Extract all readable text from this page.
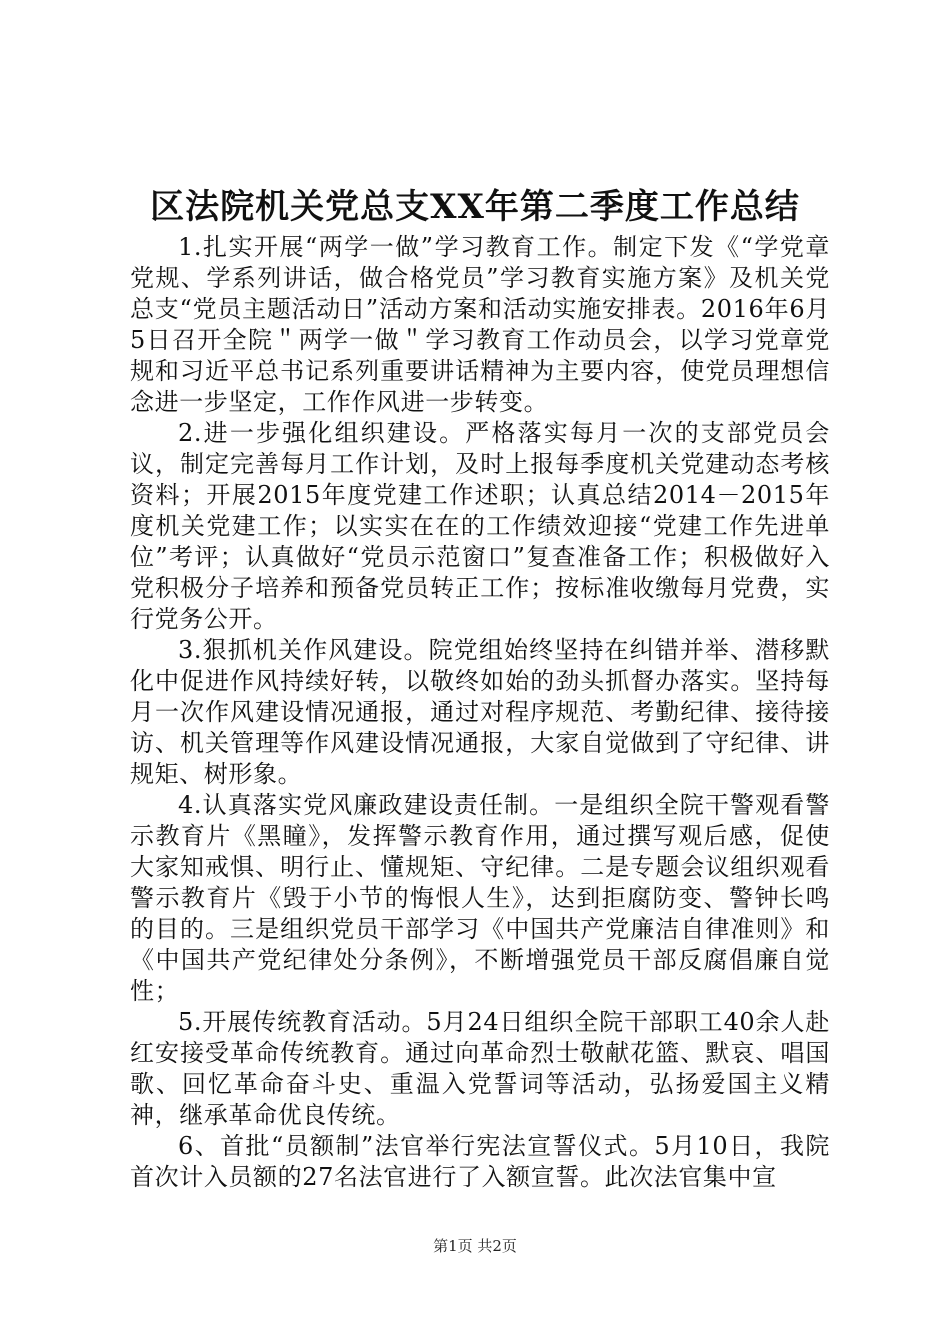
区法院机关党总支XX年第二季度工作总结

1.扎实开展“两学一做”学习教育工作。制定下发《“学党章党规、学系列讲话，做合格党员”学习教育实施方案》及机关党总支“党员主题活动日”活动方案和活动实施安排表。2016年6月5日召开全院＂两学一做＂学习教育工作动员会，以学习党章党规和习近平总书记系列重要讲话精神为主要内容，使党员理想信念进一步坚定，工作作风进一步转变。

2.进一步强化组织建设。严格落实每月一次的支部党员会议，制定完善每月工作计划，及时上报每季度机关党建动态考核资料；开展2015年度党建工作述职；认真总结2014－2015年度机关党建工作；以实实在在的工作绩效迎接“党建工作先进单位”考评；认真做好“党员示范窗口”复查准备工作；积极做好入党积极分子培养和预备党员转正工作；按标准收缴每月党费，实行党务公开。

3.狠抓机关作风建设。院党组始终坚持在纠错并举、潜移默化中促进作风持续好转，以敬终如始的劲头抓督办落实。坚持每月一次作风建设情况通报，通过对程序规范、考勤纪律、接待接访、机关管理等作风建设情况通报，大家自觉做到了守纪律、讲规矩、树形象。

4.认真落实党风廉政建设责任制。一是组织全院干警观看警示教育片《黑瞳》，发挥警示教育作用，通过撰写观后感，促使大家知戒惧、明行止、懂规矩、守纪律。二是专题会议组织观看警示教育片《毁于小节的悔恨人生》，达到拒腐防变、警钟长鸣的目的。三是组织党员干部学习《中国共产党廉洁自律准则》和《中国共产党纪律处分条例》，不断增强党员干部反腐倡廉自觉性；

5.开展传统教育活动。5月24日组织全院干部职工40余人赴红安接受革命传统教育。通过向革命烈士敬献花篮、默哀、唱国歌、回忆革命奋斗史、重温入党誓词等活动，弘扬爱国主义精神，继承革命优良传统。

6、首批“员额制”法官举行宪法宣誓仪式。5月10日，我院首次计入员额的27名法官进行了入额宣誓。此次法官集中宣

第1页 共2页
